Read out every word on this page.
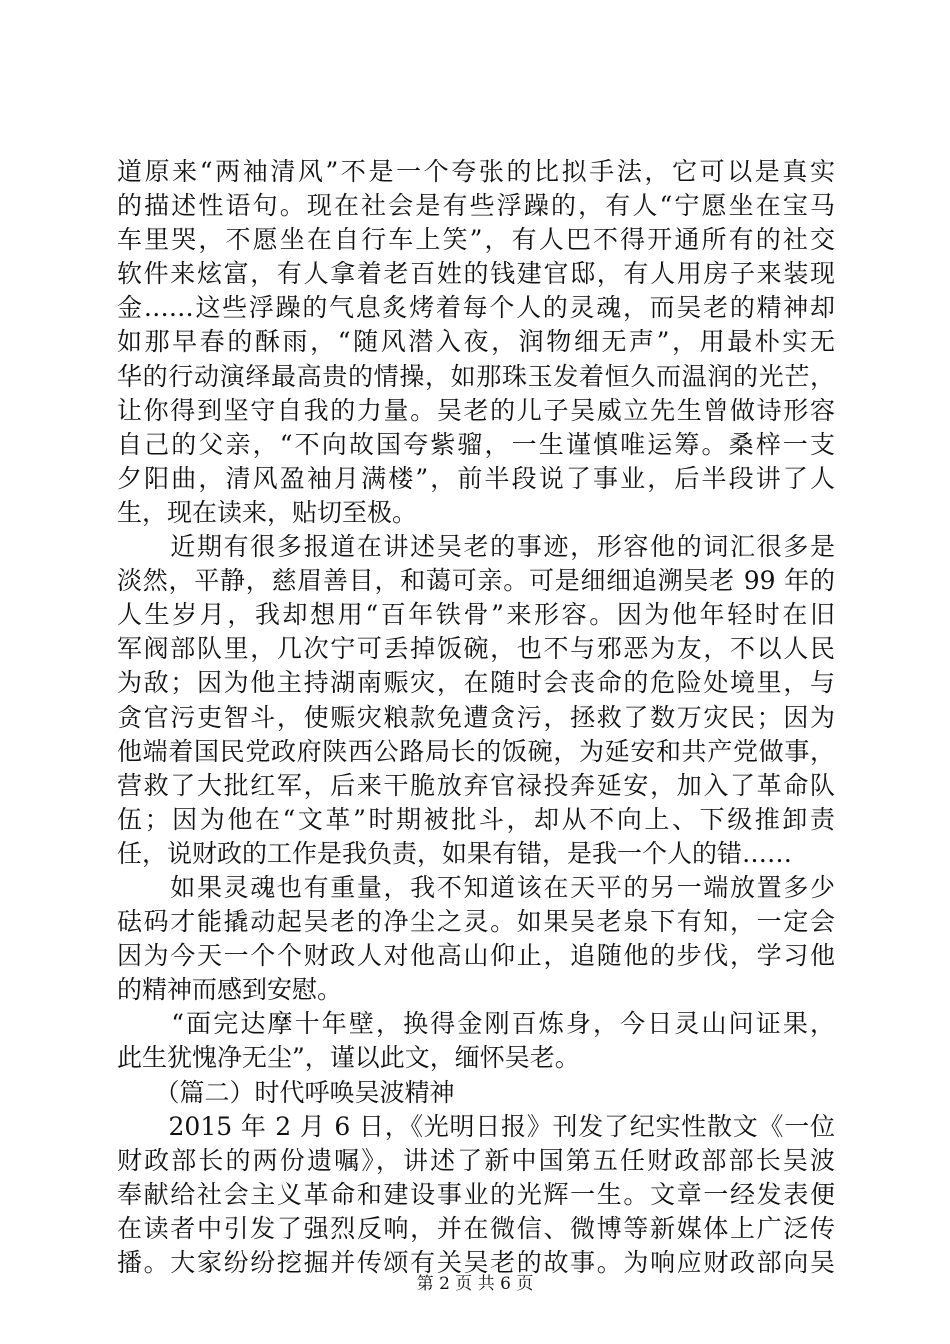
道原来“两袖清风”不是一个夸张的比拟手法，它可以是真实
的描述性语句。现在社会是有些浮躁的，有人“宁愿坐在宝马
车里哭，不愿坐在自行车上笑”，有人巴不得开通所有的社交
软件来炫富，有人拿着老百姓的钱建官邸，有人用房子来装现
金……这些浮躁的气息炙烤着每个人的灵魂，而吴老的精神却
如那早春的酥雨，“随风潜入夜，润物细无声”，用最朴实无
华的行动演绎最高贵的情操，如那珠玉发着恒久而温润的光芒，
让你得到坚守自我的力量。吴老的儿子吴威立先生曾做诗形容
自己的父亲，“不向故国夸紫骝，一生谨慎唯运筹。桑梓一支
夕阳曲，清风盈袖月满楼”，前半段说了事业，后半段讲了人
生，现在读来，贴切至极。
　　近期有很多报道在讲述吴老的事迹，形容他的词汇很多是
淡然，平静，慈眉善目，和蔼可亲。可是细细追溯吴老 99 年的
人生岁月，我却想用“百年铁骨”来形容。因为他年轻时在旧
军阀部队里，几次宁可丢掉饭碗，也不与邪恶为友，不以人民
为敌；因为他主持湖南赈灾，在随时会丧命的危险处境里，与
贪官污吏智斗，使赈灾粮款免遭贪污，拯救了数万灾民；因为
他端着国民党政府陕西公路局长的饭碗，为延安和共产党做事，
营救了大批红军，后来干脆放弃官禄投奔延安，加入了革命队
伍；因为他在“文革”时期被批斗，却从不向上、下级推卸责
任，说财政的工作是我负责，如果有错，是我一个人的错……
　　如果灵魂也有重量，我不知道该在天平的另一端放置多少
砝码才能撬动起吴老的净尘之灵。如果吴老泉下有知，一定会
因为今天一个个财政人对他高山仰止，追随他的步伐，学习他
的精神而感到安慰。
　　“面完达摩十年壁，换得金刚百炼身，今日灵山问证果，
此生犹愧净无尘”，谨以此文，缅怀吴老。
　　（篇二）时代呼唤吴波精神
　　2015 年 2 月 6 日，《光明日报》刊发了纪实性散文《一位
财政部长的两份遗嘱》，讲述了新中国第五任财政部部长吴波
奉献给社会主义革命和建设事业的光辉一生。文章一经发表便
在读者中引发了强烈反响，并在微信、微博等新媒体上广泛传
播。大家纷纷挖掘并传颂有关吴老的故事。为响应财政部向吴
第 2 页 共 6 页
